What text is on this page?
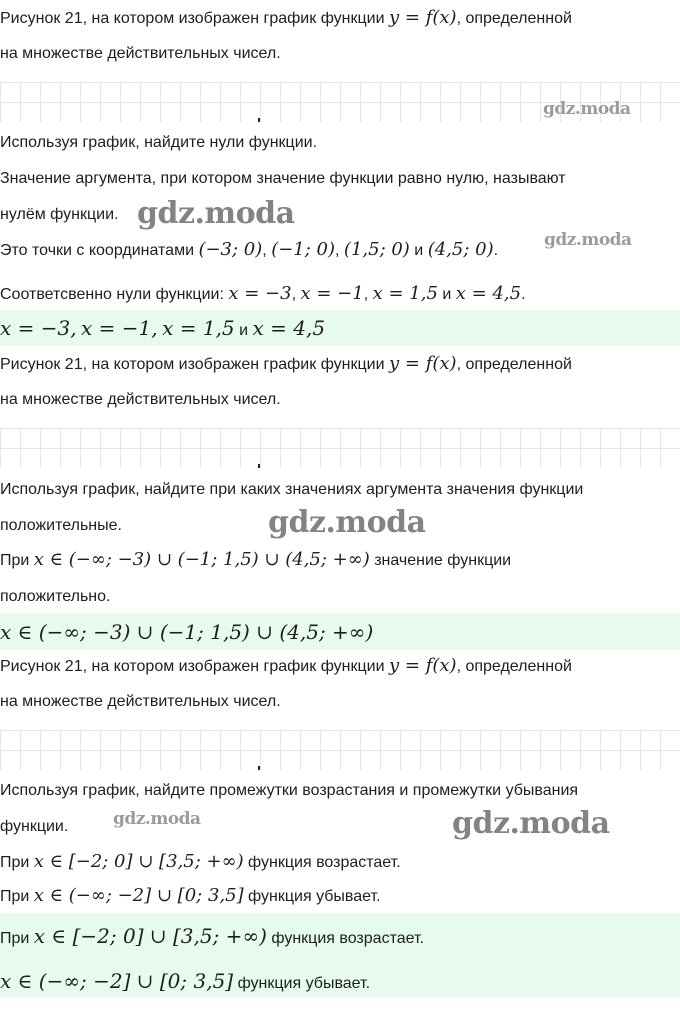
Рисунок 21, на котором изображен график функции y = f(x), определенной
на множестве действительных чисел.
gdz.moda
Используя график, найдите нули функции.
Значение аргумента, при котором значение функции равно нулю, называют
нулём функции. gdz.moda
Это точки с координатами (−3; 0), (−1; 0), (1,5; 0) и (4,5; 0).
gdz.moda
Соответсвенно нули функции: x = −3, x = −1, x = 1,5 и x = 4,5.
x = −3, x = −1, x = 1,5 и x = 4,5
Рисунок 21, на котором изображен график функции y = f(x), определенной
на множестве действительных чисел.
Используя график, найдите при каких значениях аргумента значения функции
положительные.	gdz.moda
При x ∈ (−∞; −3) ∪ (−1; 1,5) ∪ (4,5; +∞) значение функции
положительно.
x ∈ (−∞; −3) ∪ (−1; 1,5) ∪ (4,5; +∞)
Рисунок 21, на котором изображен график функции y = f(x), определенной
на множестве действительных чисел.
Используя график, найдите промежутки возрастания и промежутки убывания
функции.	gdz.moda	gdz.moda
При x ∈ [−2; 0] ∪ [3,5; +∞) функция возрастает.
При x ∈ (−∞; −2] ∪ [0; 3,5] функция убывает.
При x ∈ [−2; 0] ∪ [3,5; +∞) функция возрастает.
x ∈ (−∞; −2] ∪ [0; 3,5] функция убывает.
